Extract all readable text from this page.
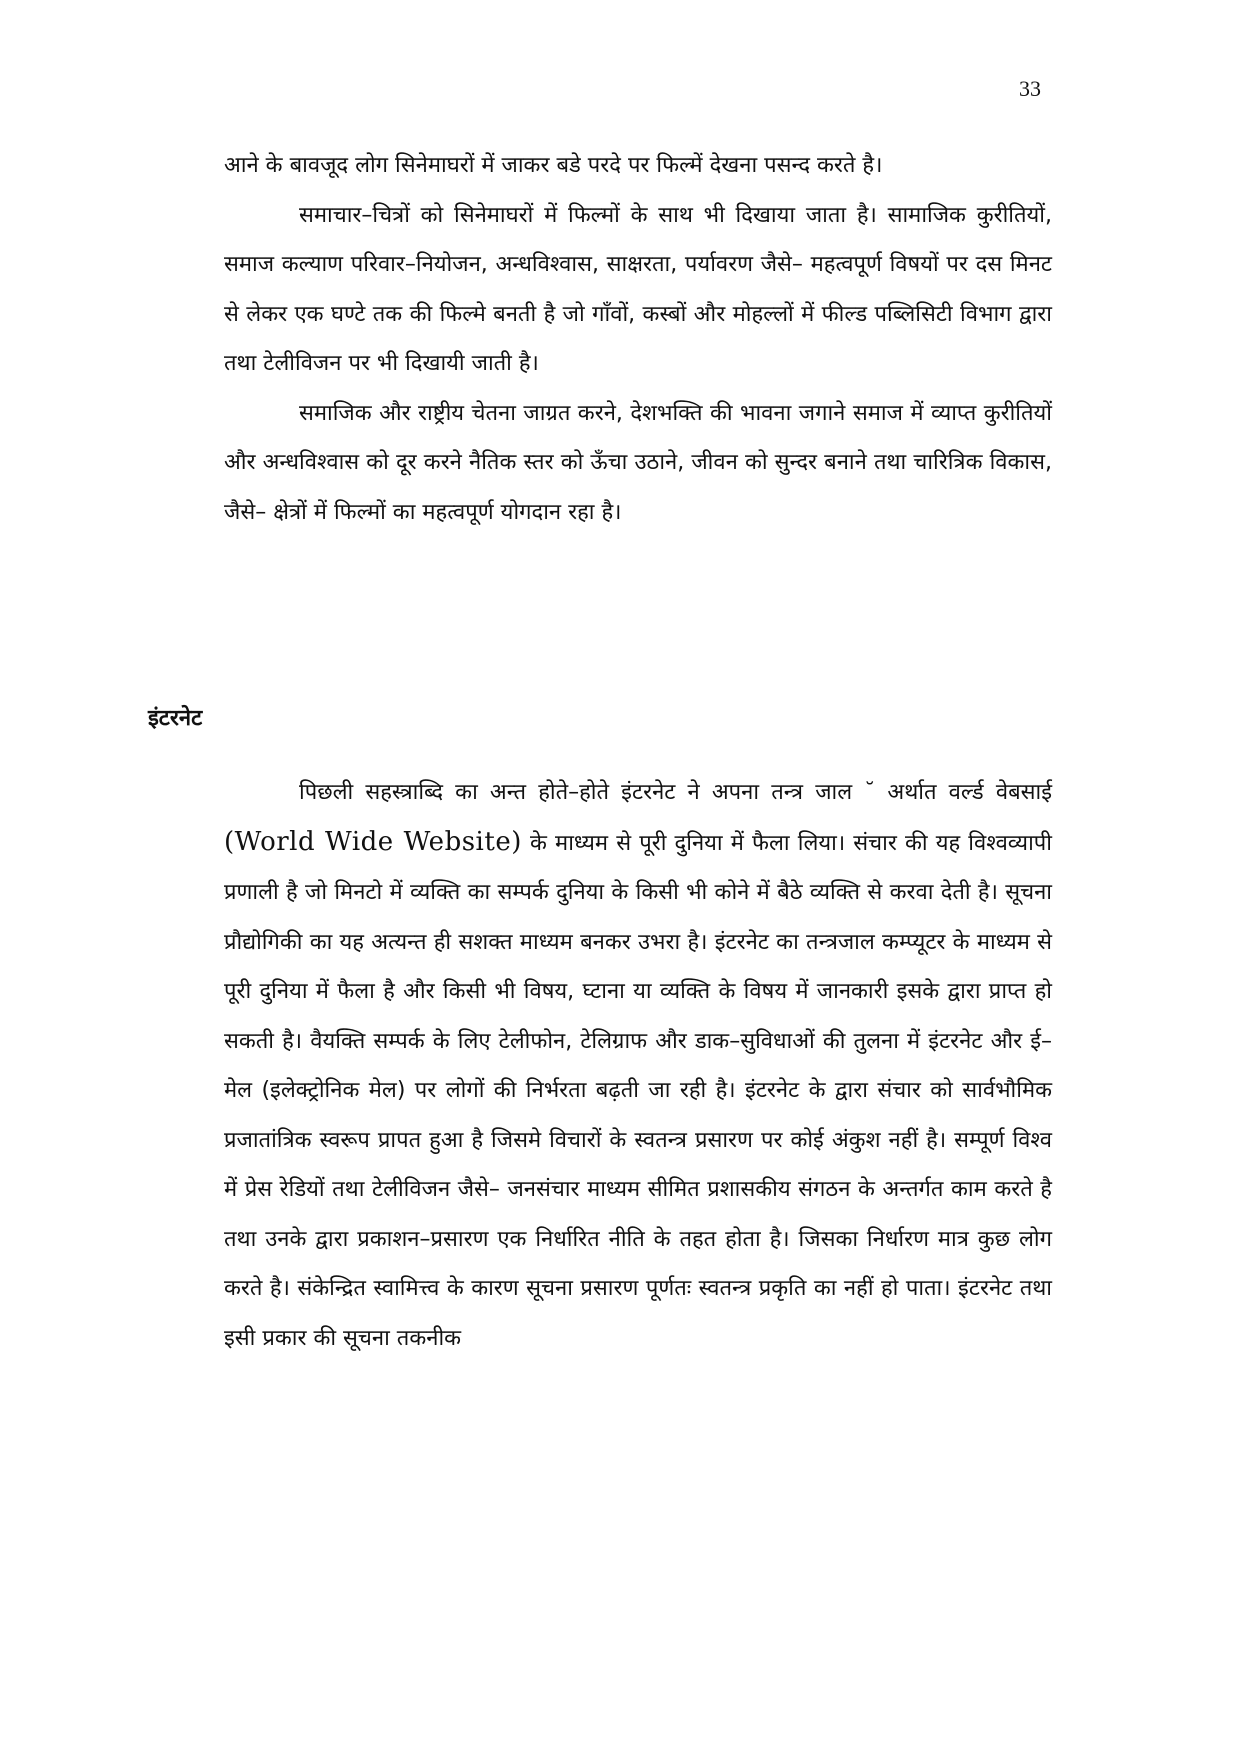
33

आने के बावजूद लोग सिनेमाघरों में जाकर बडे परदे पर फिल्में देखना पसन्द करते है।

समाचार–चित्रों को सिनेमाघरों में फिल्मों के साथ भी दिखाया जाता है। सामाजिक कुरीतियों, समाज कल्याण परिवार–नियोजन, अन्धविश्वास, साक्षरता, पर्यावरण जैसे– महत्वपूर्ण विषयों पर दस मिनट से लेकर एक घण्टे तक की फिल्मे बनती है जो गाँवों, कस्बों और मोहल्लों में फील्ड पब्लिसिटी विभाग द्वारा तथा टेलीविजन पर भी दिखायी जाती है।

समाजिक और राष्ट्रीय चेतना जाग्रत करने, देशभक्ति की भावना जगाने समाज में व्याप्त कुरीतियों और अन्धविश्वास को दूर करने नैतिक स्तर को ऊँचा उठाने, जीवन को सुन्दर बनाने तथा चारित्रिक विकास, जैसे– क्षेत्रों में फिल्मों का महत्वपूर्ण योगदान रहा है।

इंटरनेट

पिछली सहस्त्राब्दि का अन्त होते–होते इंटरनेट ने अपना तन्त्र जाल ˘ अर्थात वर्ल्ड वेबसाई (World Wide Website) के माध्यम से पूरी दुनिया में फैला लिया। संचार की यह विश्वव्यापी प्रणाली है जो मिनटो में व्यक्ति का सम्पर्क दुनिया के किसी भी कोने में बैठे व्यक्ति से करवा देती है। सूचना प्रौद्योगिकी का यह अत्यन्त ही सशक्त माध्यम बनकर उभरा है। इंटरनेट का तन्त्रजाल कम्प्यूटर के माध्यम से पूरी दुनिया में फैला है और किसी भी विषय, घ्टाना या व्यक्ति के विषय में जानकारी इसके द्वारा प्राप्त हो सकती है। वैयक्ति सम्पर्क के लिए टेलीफोन, टेलिग्राफ और डाक–सुविधाओं की तुलना में इंटरनेट और ई–मेल (इलेक्ट्रोनिक मेल) पर लोगों की निर्भरता बढ़ती जा रही है। इंटरनेट के द्वारा संचार को सार्वभौमिक प्रजातांत्रिक स्वरूप प्रापत हुआ है जिसमे विचारों के स्वतन्त्र प्रसारण पर कोई अंकुश नहीं है। सम्पूर्ण विश्व में प्रेस रेडियों तथा टेलीविजन जैसे– जनसंचार माध्यम सीमित प्रशासकीय संगठन के अन्तर्गत काम करते है तथा उनके द्वारा प्रकाशन–प्रसारण एक निर्धारित नीति के तहत होता है। जिसका निर्धारण मात्र कुछ लोग करते है। संकेन्द्रित स्वामित्त्व के कारण सूचना प्रसारण पूर्णतः स्वतन्त्र प्रकृति का नहीं हो पाता। इंटरनेट तथा इसी प्रकार की सूचना तकनीक
